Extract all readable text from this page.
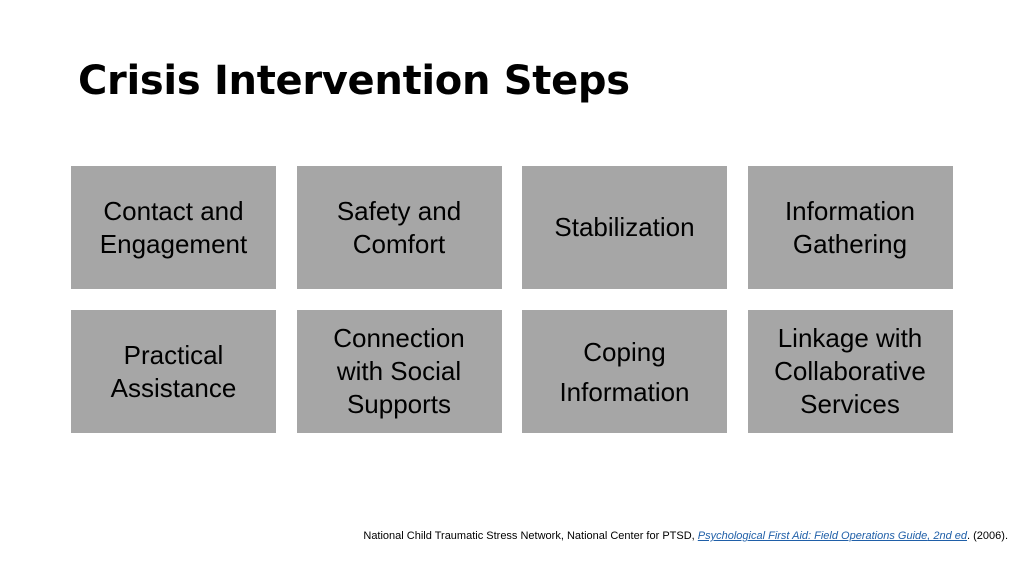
Crisis Intervention Steps
Contact and
Engagement
Safety and
Comfort
Stabilization
Information
Gathering
Practical
Assistance
Connection
with Social
Supports
Coping
Information
Linkage with
Collaborative
Services
National Child Traumatic Stress Network, National Center for PTSD, Psychological First Aid: Field Operations Guide, 2nd ed. (2006).
